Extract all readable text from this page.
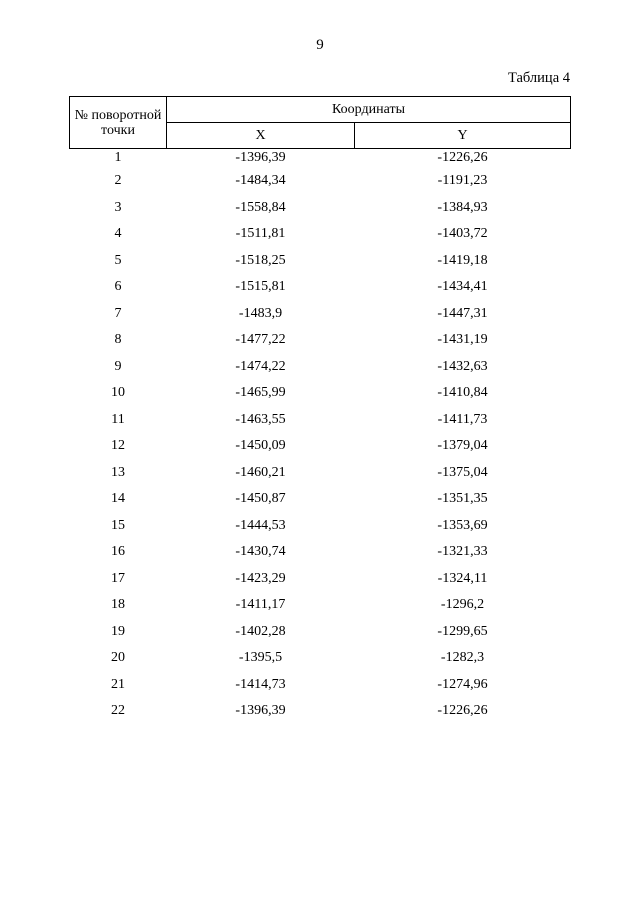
9
Таблица 4
№ поворотной точки	Координаты	
	X	Y
1	-1396,39	-1226,26
2	-1484,34	-1191,23
3	-1558,84	-1384,93
4	-1511,81	-1403,72
5	-1518,25	-1419,18
6	-1515,81	-1434,41
7	-1483,9	-1447,31
8	-1477,22	-1431,19
9	-1474,22	-1432,63
10	-1465,99	-1410,84
11	-1463,55	-1411,73
12	-1450,09	-1379,04
13	-1460,21	-1375,04
14	-1450,87	-1351,35
15	-1444,53	-1353,69
16	-1430,74	-1321,33
17	-1423,29	-1324,11
18	-1411,17	-1296,2
19	-1402,28	-1299,65
20	-1395,5	-1282,3
21	-1414,73	-1274,96
22	-1396,39	-1226,26
